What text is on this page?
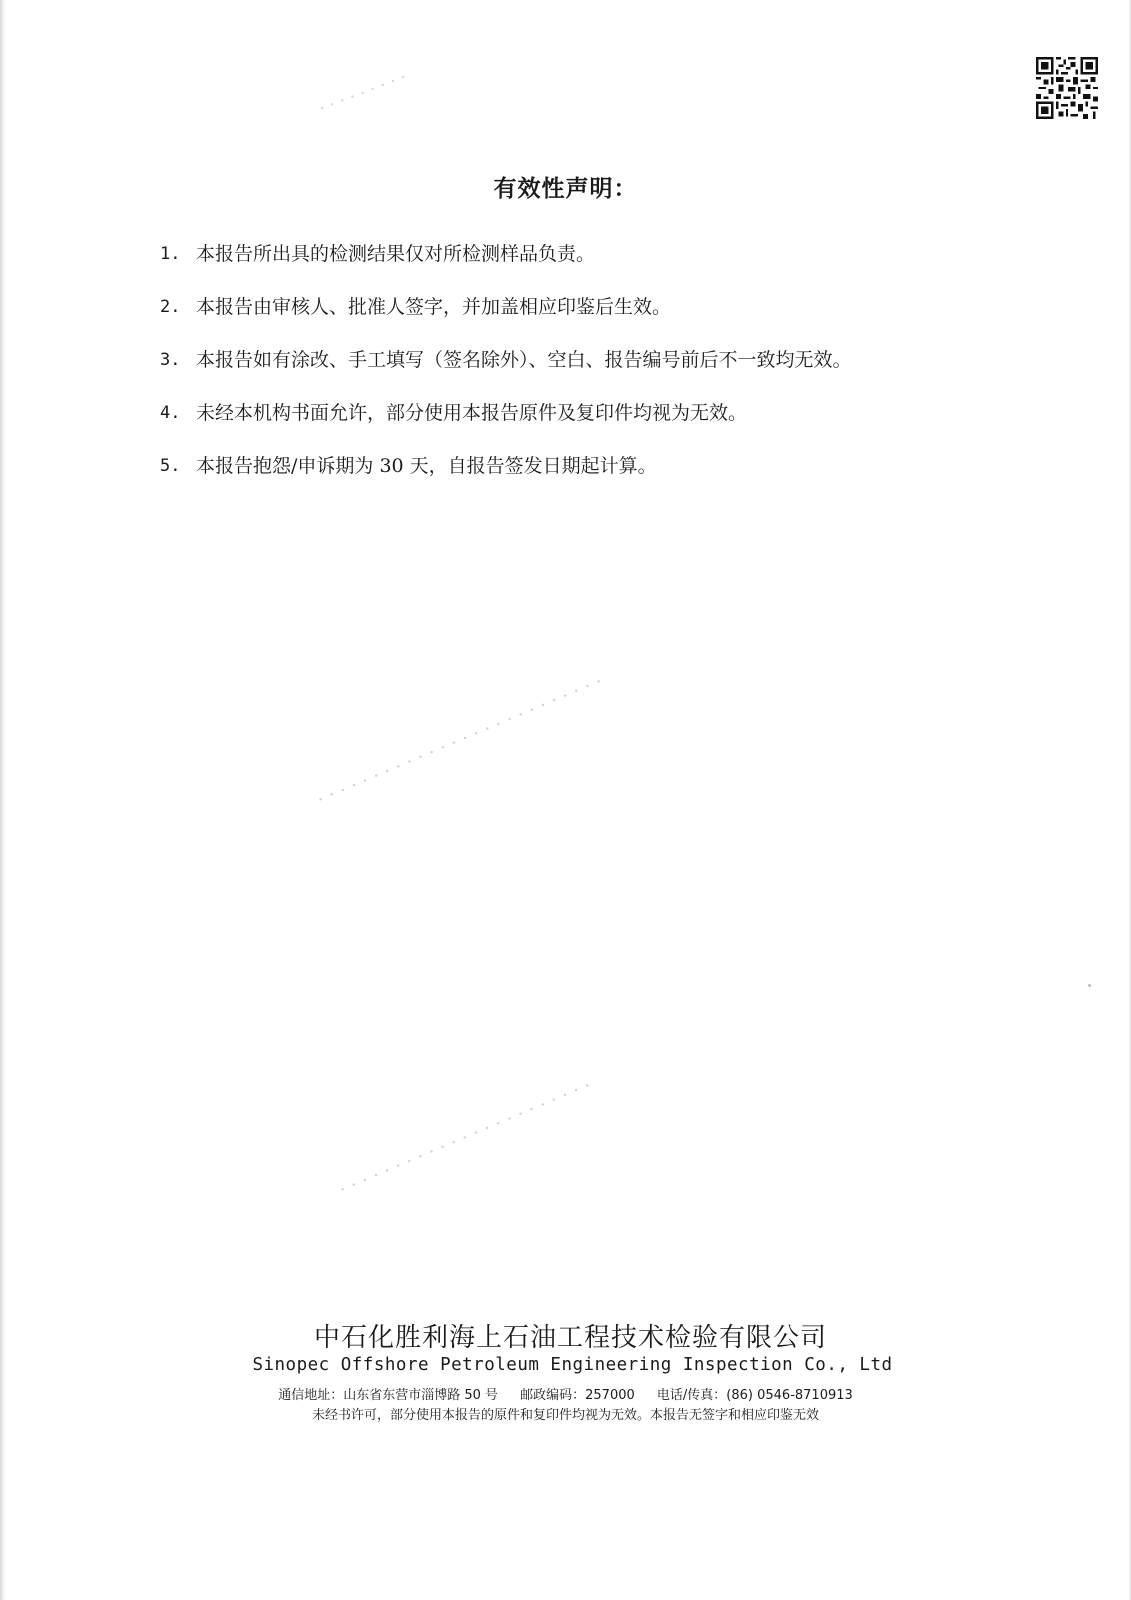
· · · · · · · · ·
· · · · · · · · · · · · · · · · · · · · · · · · · ·
· · · · · · · · · · · · · · · · · · · · · · ·
有效性声明：
1. 本报告所出具的检测结果仅对所检测样品负责。
2. 本报告由审核人、批准人签字，并加盖相应印鉴后生效。
3. 本报告如有涂改、手工填写（签名除外）、空白、报告编号前后不一致均无效。
4. 未经本机构书面允许，部分使用本报告原件及复印件均视为无效。
5. 本报告抱怨/申诉期为 30 天，自报告签发日期起计算。
中石化胜利海上石油工程技术检验有限公司
Sinopec Offshore Petroleum Engineering Inspection Co., Ltd
通信地址：山东省东营市淄博路 50 号 邮政编码：257000 电话/传真：(86) 0546-8710913
未经书许可，部分使用本报告的原件和复印件均视为无效。本报告无签字和相应印鉴无效
